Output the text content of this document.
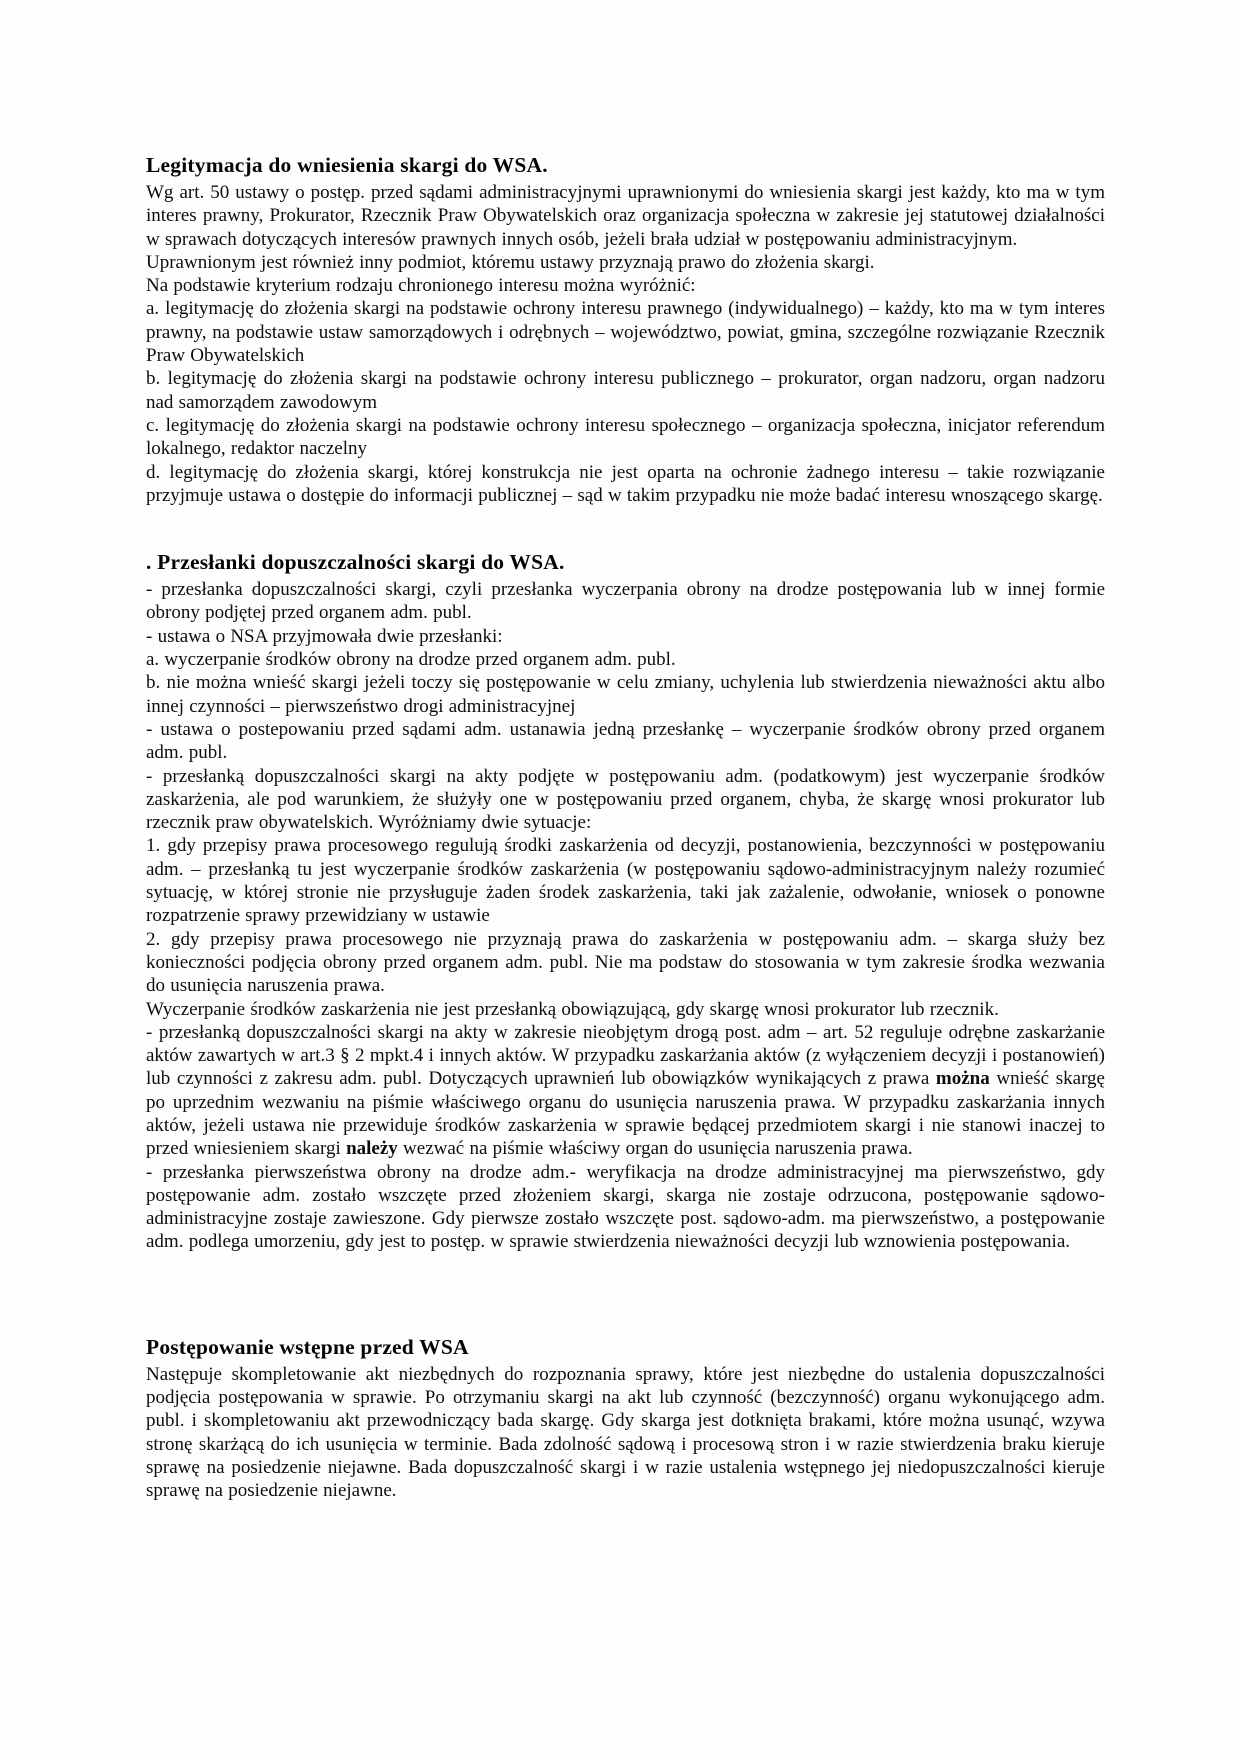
Legitymacja do wniesienia skargi do WSA.

Wg art. 50 ustawy o postęp. przed sądami administracyjnymi uprawnionymi do wniesienia skargi jest każdy, kto ma w tym interes prawny, Prokurator, Rzecznik Praw Obywatelskich oraz organizacja społeczna w zakresie jej statutowej działalności w sprawach dotyczących interesów prawnych innych osób, jeżeli brała udział w postępowaniu administracyjnym.

Uprawnionym jest również inny podmiot, któremu ustawy przyznają prawo do złożenia skargi.

Na podstawie kryterium rodzaju chronionego interesu można wyróżnić:

a. legitymację do złożenia skargi na podstawie ochrony interesu prawnego (indywidualnego) – każdy, kto ma w tym interes prawny, na podstawie ustaw samorządowych i odrębnych – województwo, powiat, gmina, szczególne rozwiązanie Rzecznik Praw Obywatelskich

b. legitymację do złożenia skargi na podstawie ochrony interesu publicznego – prokurator, organ nadzoru, organ nadzoru nad samorządem zawodowym

c. legitymację do złożenia skargi na podstawie ochrony interesu społecznego – organizacja społeczna, inicjator referendum lokalnego, redaktor naczelny

d. legitymację do złożenia skargi, której konstrukcja nie jest oparta na ochronie żadnego interesu – takie rozwiązanie przyjmuje ustawa o dostępie do informacji publicznej – sąd w takim przypadku nie może badać interesu wnoszącego skargę.

. Przesłanki dopuszczalności skargi do WSA.

- przesłanka dopuszczalności skargi, czyli przesłanka wyczerpania obrony na drodze postępowania lub w innej formie obrony podjętej przed organem adm. publ.

- ustawa o NSA przyjmowała dwie przesłanki:

a. wyczerpanie środków obrony na drodze przed organem adm. publ.

b. nie można wnieść skargi jeżeli toczy się postępowanie w celu zmiany, uchylenia lub stwierdzenia nieważności aktu albo innej czynności – pierwszeństwo drogi administracyjnej

- ustawa o postepowaniu przed sądami adm. ustanawia jedną przesłankę – wyczerpanie środków obrony przed organem adm. publ.

- przesłanką dopuszczalności skargi na akty podjęte w postępowaniu adm. (podatkowym) jest wyczerpanie środków zaskarżenia, ale pod warunkiem, że służyły one w postępowaniu przed organem, chyba, że skargę wnosi prokurator lub rzecznik praw obywatelskich. Wyróżniamy dwie sytuacje:

1. gdy przepisy prawa procesowego regulują środki zaskarżenia od decyzji, postanowienia, bezczynności w postępowaniu adm. – przesłanką tu jest wyczerpanie środków zaskarżenia (w postępowaniu sądowo-administracyjnym należy rozumieć sytuację, w której stronie nie przysługuje żaden środek zaskarżenia, taki jak zażalenie, odwołanie, wniosek o ponowne rozpatrzenie sprawy przewidziany w ustawie

2. gdy przepisy prawa procesowego nie przyznają prawa do zaskarżenia w postępowaniu adm. – skarga służy bez konieczności podjęcia obrony przed organem adm. publ. Nie ma podstaw do stosowania w tym zakresie środka wezwania do usunięcia naruszenia prawa.

Wyczerpanie środków zaskarżenia nie jest przesłanką obowiązującą, gdy skargę wnosi prokurator lub rzecznik.

- przesłanką dopuszczalności skargi na akty w zakresie nieobjętym drogą post. adm – art. 52 reguluje odrębne zaskarżanie aktów zawartych w art.3 § 2 mpkt.4 i innych aktów. W przypadku zaskarżania aktów (z wyłączeniem decyzji i postanowień) lub czynności z zakresu adm. publ. Dotyczących uprawnień lub obowiązków wynikających z prawa można wnieść skargę po uprzednim wezwaniu na piśmie właściwego organu do usunięcia naruszenia prawa. W przypadku zaskarżania innych aktów, jeżeli ustawa nie przewiduje środków zaskarżenia w sprawie będącej przedmiotem skargi i nie stanowi inaczej to przed wniesieniem skargi należy wezwać na piśmie właściwy organ do usunięcia naruszenia prawa.

- przesłanka pierwszeństwa obrony na drodze adm.- weryfikacja na drodze administracyjnej ma pierwszeństwo, gdy postępowanie adm. zostało wszczęte przed złożeniem skargi, skarga nie zostaje odrzucona, postępowanie sądowo-administracyjne zostaje zawieszone. Gdy pierwsze zostało wszczęte post. sądowo-adm. ma pierwszeństwo, a postępowanie adm. podlega umorzeniu, gdy jest to postęp. w sprawie stwierdzenia nieważności decyzji lub wznowienia postępowania.

Postępowanie wstępne przed WSA

Następuje skompletowanie akt niezbędnych do rozpoznania sprawy, które jest niezbędne do ustalenia dopuszczalności podjęcia postępowania w sprawie. Po otrzymaniu skargi na akt lub czynność (bezczynność) organu wykonującego adm. publ. i skompletowaniu akt przewodniczący bada skargę. Gdy skarga jest dotknięta brakami, które można usunąć, wzywa stronę skarżącą do ich usunięcia w terminie. Bada zdolność sądową i procesową stron i w razie stwierdzenia braku kieruje sprawę na posiedzenie niejawne. Bada dopuszczalność skargi i w razie ustalenia wstępnego jej niedopuszczalności kieruje sprawę na posiedzenie niejawne.
